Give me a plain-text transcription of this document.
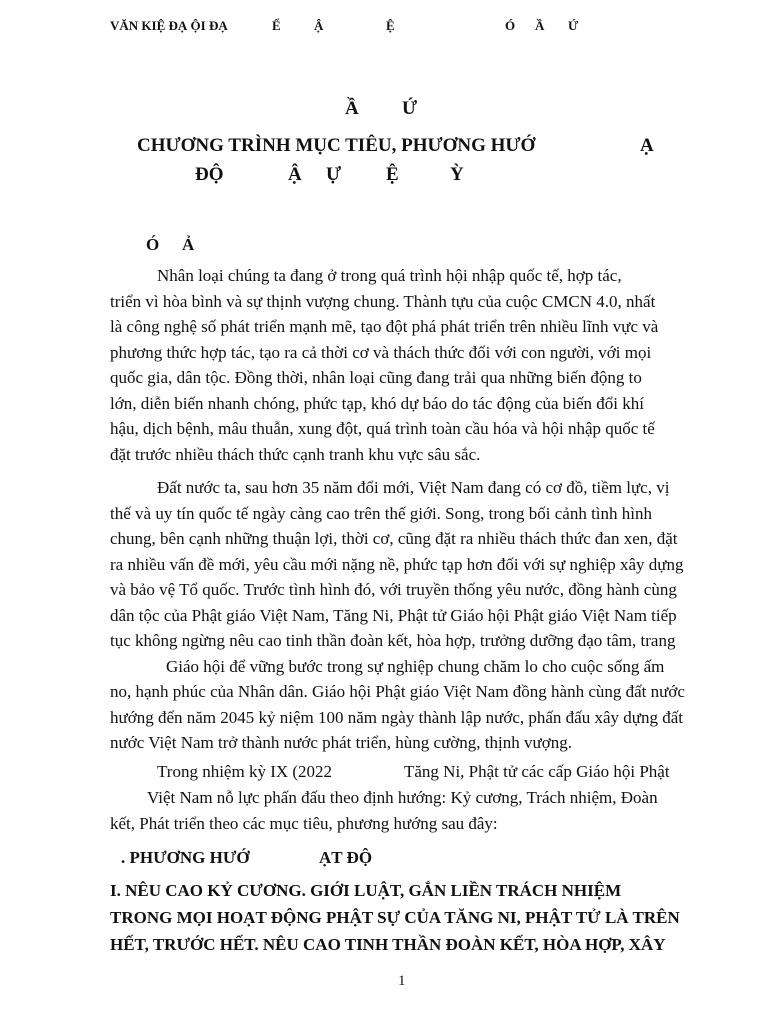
VĂN KIỆ ĐẠ ỘI ĐẠ	Ể	Ậ	Ệ	Ó Ầ Ứ
Ầ Ứ
CHƯƠNG TRÌNH MỤC TIÊU, PHƯƠNG HƯỚ	Ạ
ĐỘ	Ậ Ự Ệ	Ỳ
Ó Ả
Nhân loại chúng ta đang ở trong quá trình hội nhập quốc tế, hợp tác,
triển vì hòa bình và sự thịnh vượng chung. Thành tựu của cuộc CMCN 4.0, nhất
là công nghệ số phát triển mạnh mẽ, tạo đột phá phát triển trên nhiều lĩnh vực và
phương thức hợp tác, tạo ra cả thời cơ và thách thức đối với con người, với mọi
quốc gia, dân tộc. Đồng thời, nhân loại cũng đang trải qua những biến động to
lớn, diễn biến nhanh chóng, phức tạp, khó dự báo do tác động của biến đổi khí
hậu, dịch bệnh, mâu thuẫn, xung đột, quá trình toàn cầu hóa và hội nhập quốc tế
đặt trước nhiều thách thức cạnh tranh khu vực sâu sắc.
Đất nước ta, sau hơn 35 năm đổi mới, Việt Nam đang có cơ đồ, tiềm lực, vị
thế và uy tín quốc tế ngày càng cao trên thế giới. Song, trong bối cảnh tình hình
chung, bên cạnh những thuận lợi, thời cơ, cũng đặt ra nhiều thách thức đan xen, đặt
ra nhiều vấn đề mới, yêu cầu mới nặng nề, phức tạp hơn đối với sự nghiệp xây dựng
và bảo vệ Tổ quốc. Trước tình hình đó, với truyền thống yêu nước, đồng hành cùng
dân tộc của Phật giáo Việt Nam, Tăng Ni, Phật tử Giáo hội Phật giáo Việt Nam tiếp
tục không ngừng nêu cao tinh thần đoàn kết, hòa hợp, trưởng dưỡng đạo tâm, trang
Giáo hội để vững bước trong sự nghiệp chung chăm lo cho cuộc sống ấm
no, hạnh phúc của Nhân dân. Giáo hội Phật giáo Việt Nam đồng hành cùng đất nước
hướng đến năm 2045 kỷ niệm 100 năm ngày thành lập nước, phấn đấu xây dựng đất
nước Việt Nam trở thành nước phát triển, hùng cường, thịnh vượng.
Trong nhiệm kỳ IX (2022	Tăng Ni, Phật tử các cấp Giáo hội Phật
Việt Nam nỗ lực phấn đấu theo định hướng: Kỷ cương, Trách nhiệm, Đoàn
kết, Phát triển theo các mục tiêu, phương hướng sau đây:
. PHƯƠNG HƯỚ	ẠT ĐỘ
I. NÊU CAO KỶ CƯƠNG. GIỚI LUẬT, GẮN LIỀN TRÁCH NHIỆM
TRONG MỌI HOẠT ĐỘNG PHẬT SỰ CỦA TĂNG NI, PHẬT TỬ LÀ TRÊN
HẾT, TRƯỚC HẾT. NÊU CAO TINH THẦN ĐOÀN KẾT, HÒA HỢP, XÂY
1
